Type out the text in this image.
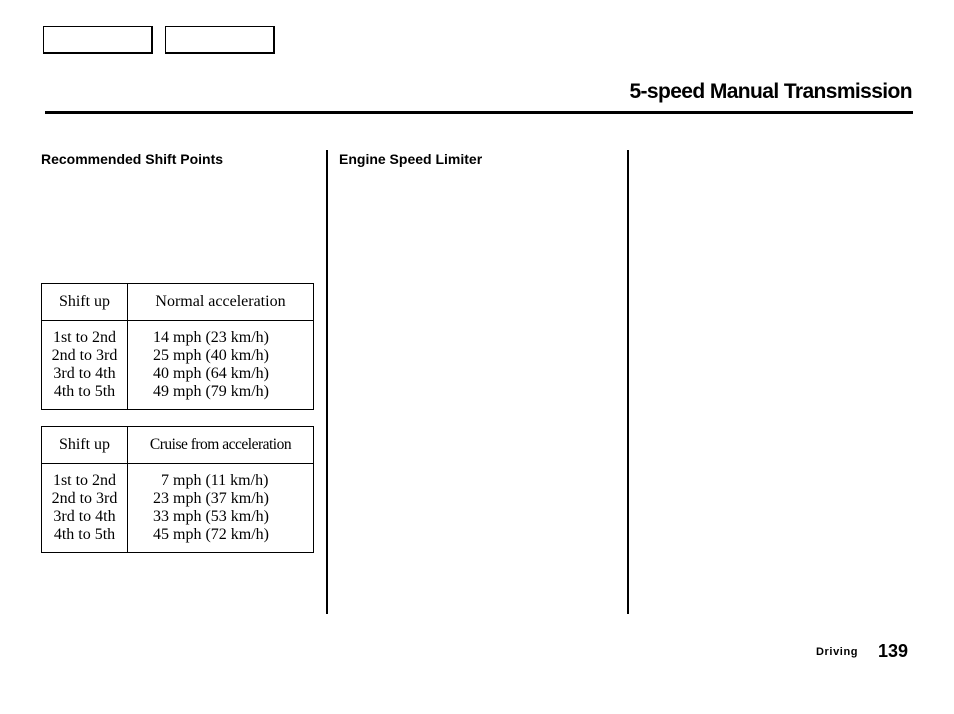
5-speed Manual Transmission
Recommended Shift Points	Engine Speed Limiter
Shift up	Normal acceleration
1st to 2nd	14 mph (23 km/h)
2nd to 3rd	25 mph (40 km/h)
3rd to 4th	40 mph (64 km/h)
4th to 5th	49 mph (79 km/h)
Shift up	Cruise from acceleration
1st to 2nd	7 mph (11 km/h)
2nd to 3rd	23 mph (37 km/h)
3rd to 4th	33 mph (53 km/h)
4th to 5th	45 mph (72 km/h)
Driving 139
